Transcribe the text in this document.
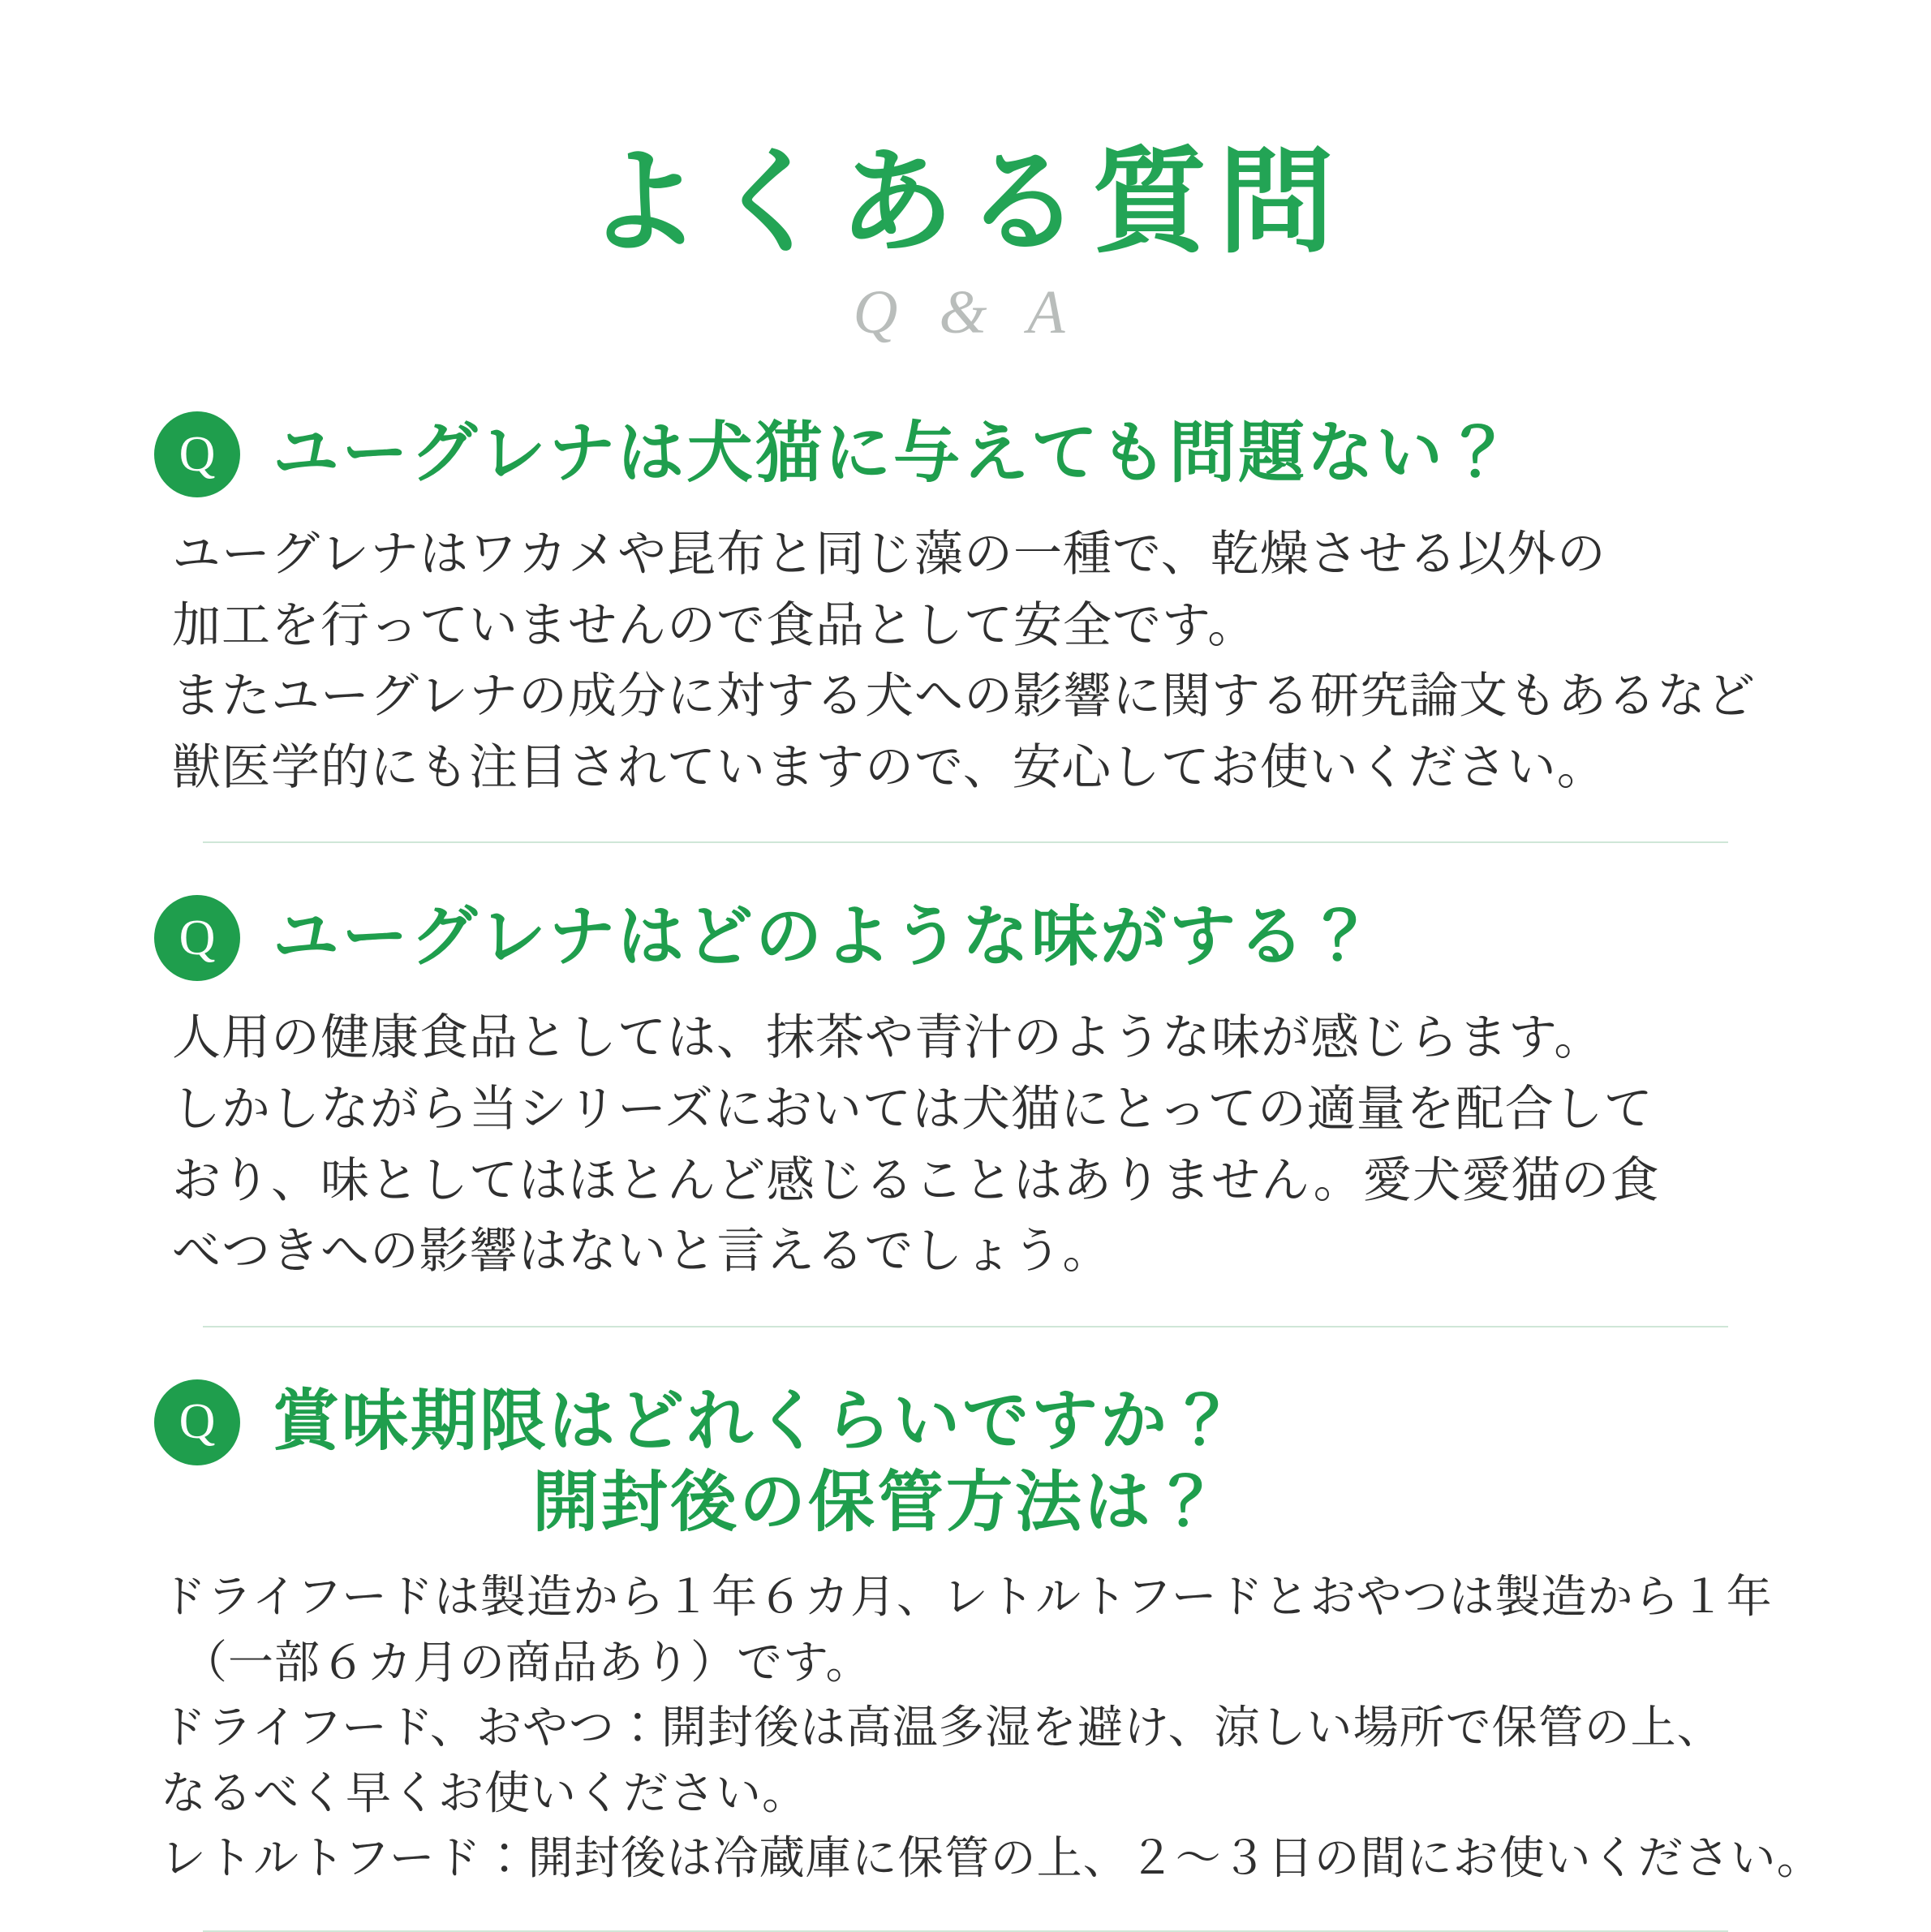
よくある質問
Q & A
Q ユーグレナは犬猫に与えても問題ない？
ユーグレナはワカメや昆布と同じ藻の一種で、乾燥させる以外の
加工を行っていませんので食品として安全です。
またユーグレナの成分に対する犬への影響に関する研究論文もあるなど
獣医学的にも注目されていますので、安心してお使いください。
Q ユーグレナはどのような味がする？
人用の健康食品としては、抹茶や青汁のような味が感じらます。
しかしながら当シリーズにおいては犬猫にとっての適量を配合して
おり、味としてはほとんど感じることはありません。愛犬愛猫の食
べつきへの影響はないと言えるでしょう。
Q 賞味期限はどれくらいですか？
開封後の保管方法は？
ドライフードは製造から１年６カ月、レトルトフードとおやつは製造から１年
（一部６カ月の商品あり）です。
ドライフード、おやつ：開封後は高温多湿を避け、涼しい場所で保管の上、
なるべく早くお使いください。
レトルトフード：開封後は冷蔵庫に保管の上、２〜３日の間にお使いください。
